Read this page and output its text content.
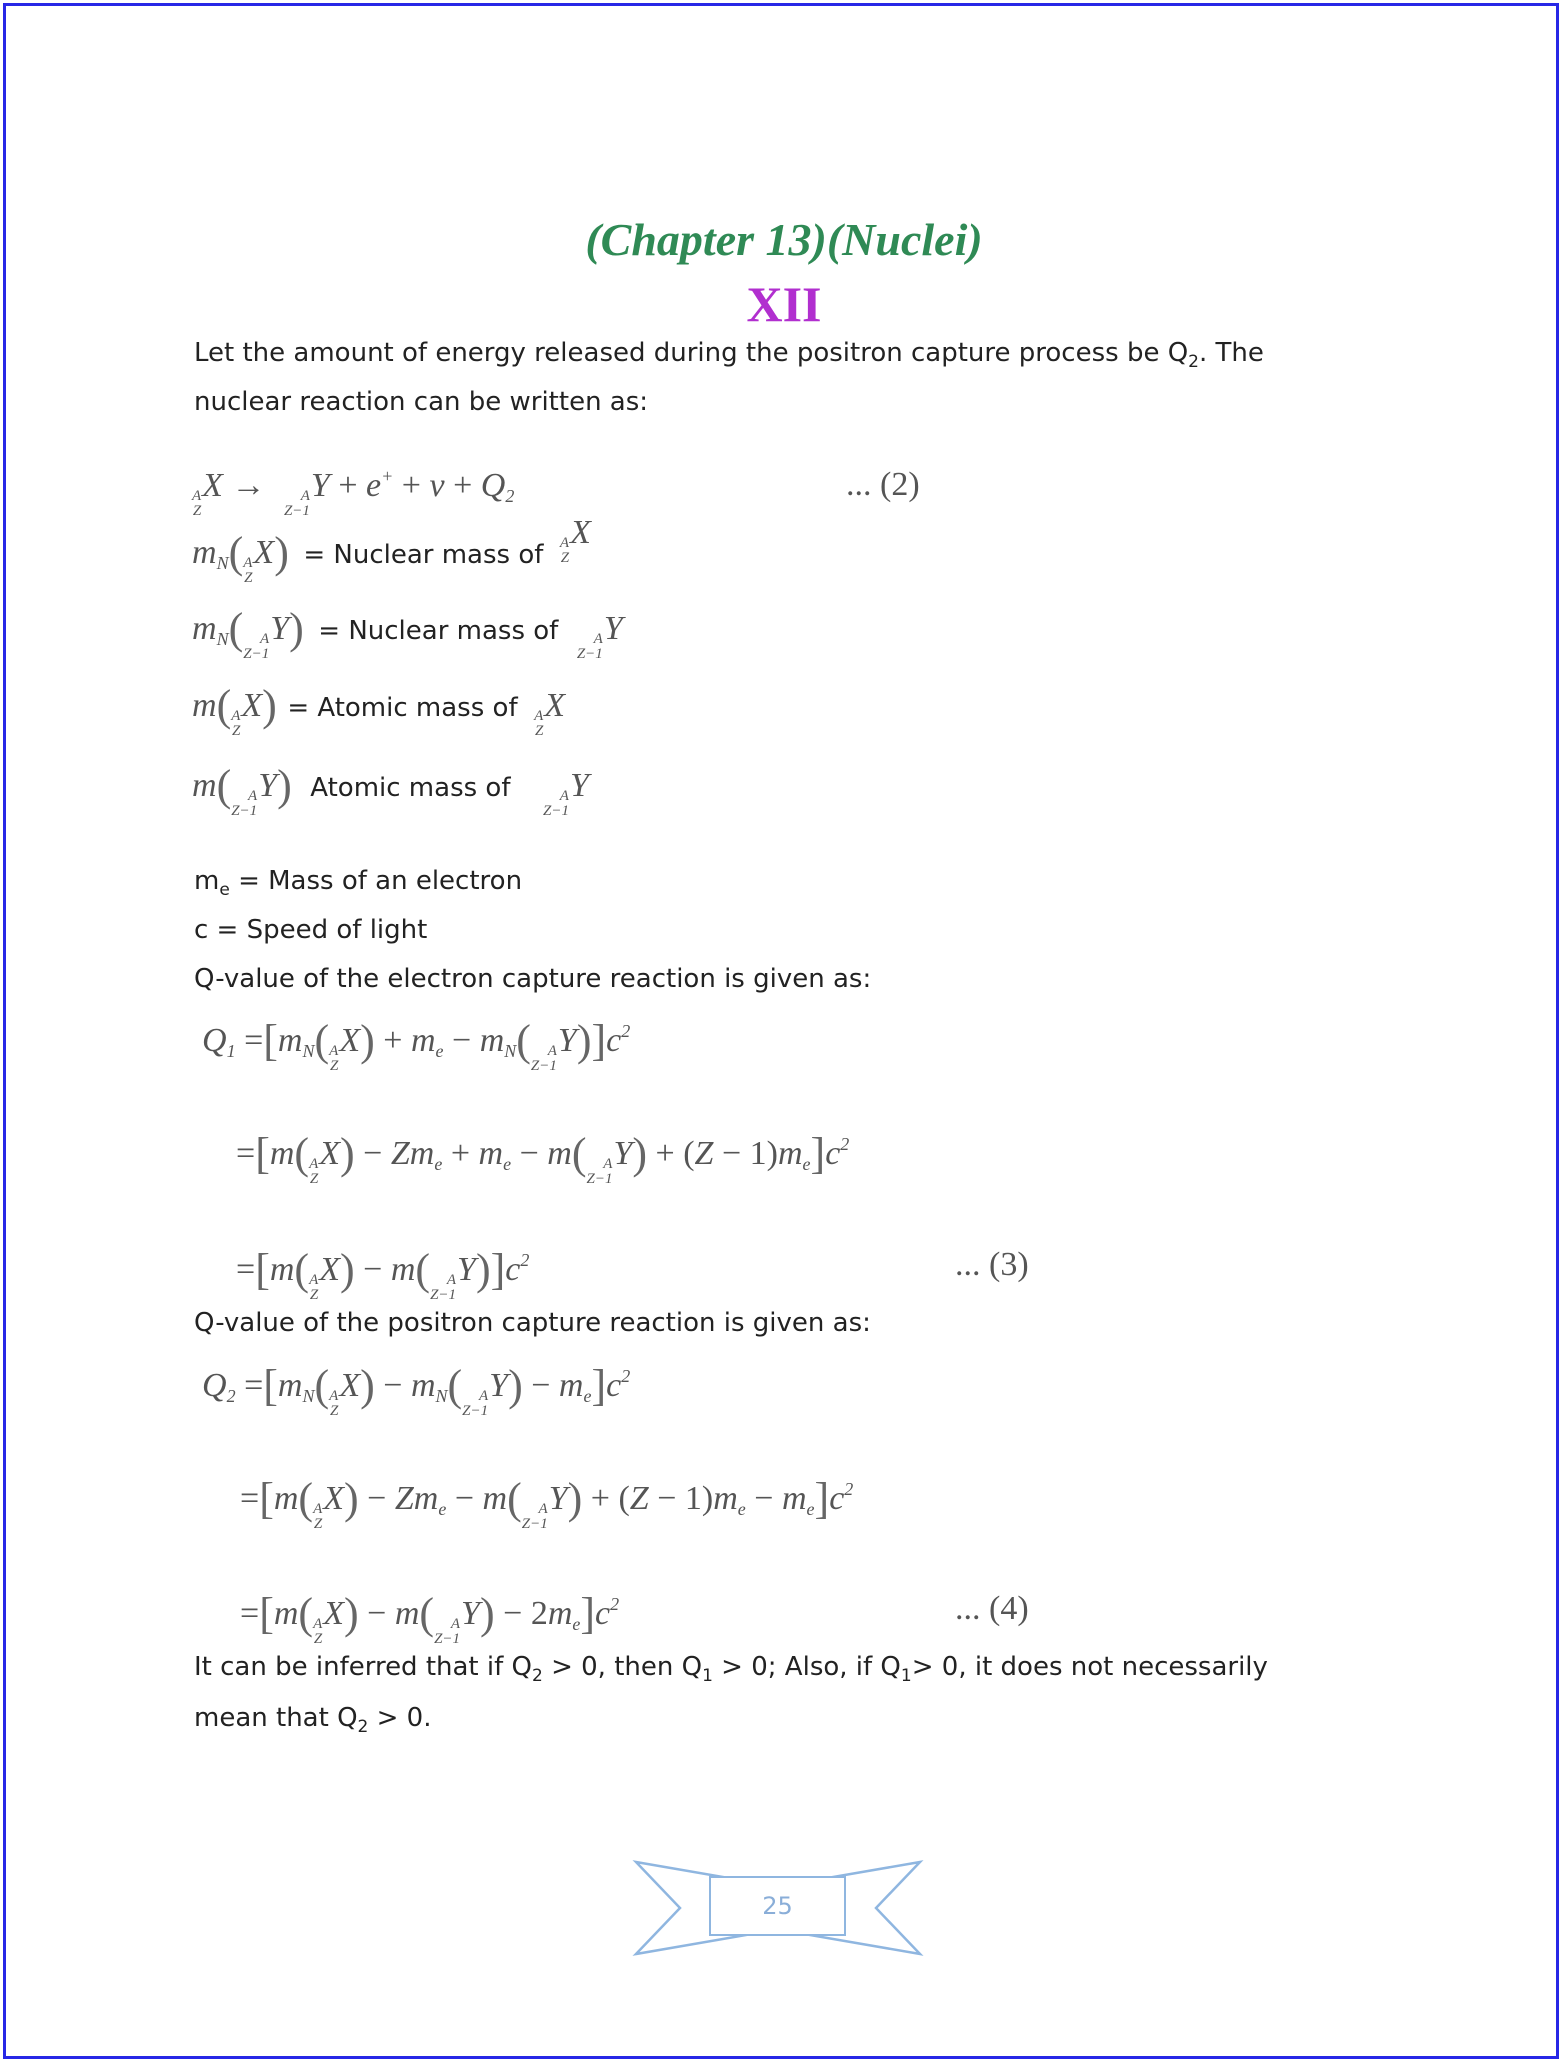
(Chapter 13)(Nuclei)
XII
Let the amount of energy released during the positron capture process be $Q_2$. The
nuclear reaction can be written as:
A
Z
X → A
Z−1
$Y + e^+ + \nu + Q_2$	... (2)
$m_N$( A
Z
X) = Nuclear mass of A
Z
X
$m_N$( A
Z−1
Y) = Nuclear mass of A
Z−1
Y
m( A
Z
X) = Atomic mass of A
Z
X
m( A
Z−1
Y) Atomic mass of	A
Z−1
Y
$m_e$ = Mass of an electron
c = Speed of light
Q-value of the electron capture reaction is given as:
$Q_1 =[m_N$( A
Z
$X) + m_e - m_N$( A
Z−1
$Y)]c^2$
=[m( A
Z
$X) - Zm_e + m_e - m$( A
Z−1
$Y) + (Z - 1)m_e]c^2$
=[m( A
Z
X) − m( A
Z−1
$Y)]c^2$	... (3)
Q-value of the positron capture reaction is given as:
$Q_2 =[m_N$( A
Z
$X) - m_N$( A
Z−1
$Y) - m_e]c^2$
=[m( A
Z
$X) - Zm_e - m$( A
Z−1
$Y) + (Z - 1)m_e - m_e]c^2$
=[m( A
Z
X) − m( A
Z−1
$Y) - 2m_e]c^2$	... (4)
It can be inferred that if $Q_2 > 0$, then $Q_1 > 0$; Also, if $Q_1> 0$, it does not necessarily
mean that $Q_2 > 0$.
25
